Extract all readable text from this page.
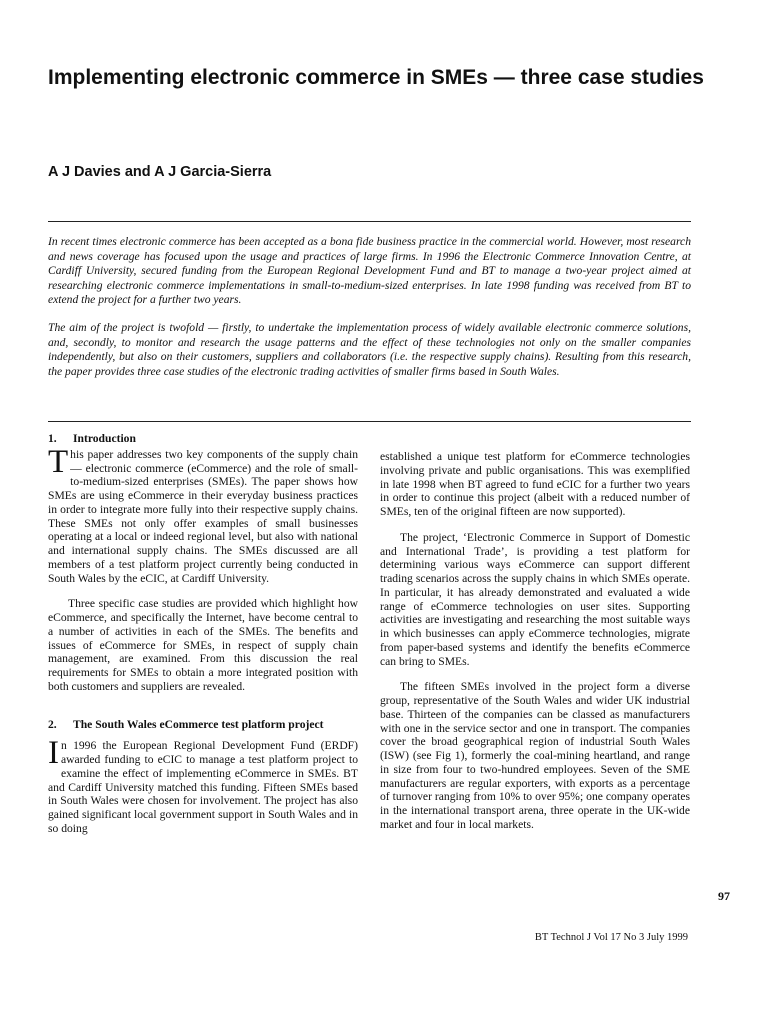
Implementing electronic commerce in SMEs — three case studies

A J Davies and A J Garcia-Sierra

In recent times electronic commerce has been accepted as a bona fide business practice in the commercial world. However, most research and news coverage has focused upon the usage and practices of large firms. In 1996 the Electronic Commerce Innovation Centre, at Cardiff University, secured funding from the European Regional Development Fund and BT to manage a two-year project aimed at researching electronic commerce implementations in small-to-medium-sized enterprises. In late 1998 funding was received from BT to extend the project for a further two years.

The aim of the project is twofold — firstly, to undertake the implementation process of widely available electronic commerce solutions, and, secondly, to monitor and research the usage patterns and the effect of these technologies not only on the smaller companies independently, but also on their customers, suppliers and collaborators (i.e. the respective supply chains). Resulting from this research, the paper provides three case studies of the electronic trading activities of smaller firms based in South Wales.

1. Introduction

This paper addresses two key components of the supply chain — electronic commerce (eCommerce) and the role of small-to-medium-sized enterprises (SMEs). The paper shows how SMEs are using eCommerce in their everyday business practices in order to integrate more fully into their respective supply chains. These SMEs not only offer examples of small businesses operating at a local or indeed regional level, but also with national and international supply chains. The SMEs discussed are all members of a test platform project currently being conducted in South Wales by the eCIC, at Cardiff University.

Three specific case studies are provided which highlight how eCommerce, and specifically the Internet, have become central to a number of activities in each of the SMEs. The benefits and issues of eCommerce for SMEs, in respect of supply chain management, are examined. From this discussion the real requirements for SMEs to obtain a more integrated position with both customers and suppliers are revealed.

2. The South Wales eCommerce test platform project

In 1996 the European Regional Development Fund (ERDF) awarded funding to eCIC to manage a test platform project to examine the effect of implementing eCommerce in SMEs. BT and Cardiff University matched this funding. Fifteen SMEs based in South Wales were chosen for involvement. The project has also gained significant local government support in South Wales and in so doing

established a unique test platform for eCommerce technologies involving private and public organisations. This was exemplified in late 1998 when BT agreed to fund eCIC for a further two years in order to continue this project (albeit with a reduced number of SMEs, ten of the original fifteen are now supported).

The project, ‘Electronic Commerce in Support of Domestic and International Trade’, is providing a test platform for determining various ways eCommerce can support different trading scenarios across the supply chains in which SMEs operate. In particular, it has already demonstrated and evaluated a wide range of eCommerce technologies on user sites. Supporting activities are investigating and researching the most suitable ways in which businesses can apply eCommerce technologies, migrate from paper-based systems and identify the benefits eCommerce can bring to SMEs.

The fifteen SMEs involved in the project form a diverse group, representative of the South Wales and wider UK industrial base. Thirteen of the companies can be classed as manufacturers with one in the service sector and one in transport. The companies cover the broad geographical region of industrial South Wales (ISW) (see Fig 1), formerly the coal-mining heartland, and range in size from four to two-hundred employees. Seven of the SME manufacturers are regular exporters, with exports as a percentage of turnover ranging from 10% to over 95%; one company operates in the international transport arena, three operate in the UK-wide market and four in local markets.

97
BT Technol J Vol 17 No 3 July 1999
